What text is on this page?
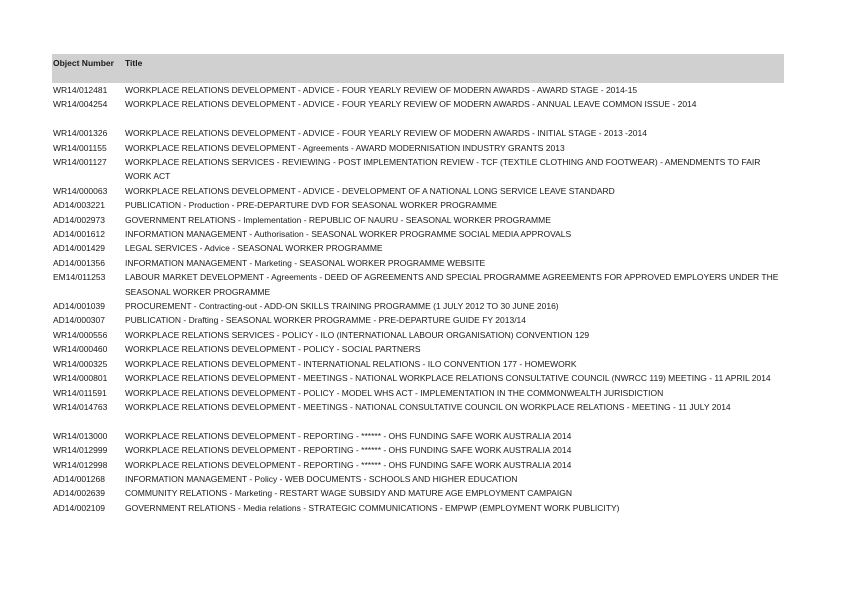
Object Number	Title
WR14/012481 WORKPLACE RELATIONS DEVELOPMENT - ADVICE - FOUR YEARLY REVIEW OF MODERN AWARDS - AWARD STAGE - 2014-15
WR14/004254 WORKPLACE RELATIONS DEVELOPMENT - ADVICE - FOUR YEARLY REVIEW OF MODERN AWARDS - ANNUAL LEAVE COMMON ISSUE - 2014
WR14/001326 WORKPLACE RELATIONS DEVELOPMENT - ADVICE - FOUR YEARLY REVIEW OF MODERN AWARDS - INITIAL STAGE - 2013 -2014
WR14/001155 WORKPLACE RELATIONS DEVELOPMENT - Agreements - AWARD MODERNISATION INDUSTRY GRANTS 2013
WR14/001127 WORKPLACE RELATIONS SERVICES - REVIEWING - POST IMPLEMENTATION REVIEW - TCF (TEXTILE CLOTHING AND FOOTWEAR) - AMENDMENTS TO FAIR WORK ACT
WR14/000063 WORKPLACE RELATIONS DEVELOPMENT - ADVICE - DEVELOPMENT OF A NATIONAL LONG SERVICE LEAVE STANDARD
AD14/003221 PUBLICATION - Production - PRE-DEPARTURE DVD FOR SEASONAL WORKER PROGRAMME
AD14/002973 GOVERNMENT RELATIONS - Implementation - REPUBLIC OF NAURU - SEASONAL WORKER PROGRAMME
AD14/001612 INFORMATION MANAGEMENT - Authorisation - SEASONAL WORKER PROGRAMME SOCIAL MEDIA APPROVALS
AD14/001429 LEGAL SERVICES - Advice - SEASONAL WORKER PROGRAMME
AD14/001356 INFORMATION MANAGEMENT - Marketing - SEASONAL WORKER PROGRAMME WEBSITE
EM14/011253 LABOUR MARKET DEVELOPMENT - Agreements - DEED OF AGREEMENTS AND SPECIAL PROGRAMME AGREEMENTS FOR APPROVED EMPLOYERS UNDER THE SEASONAL WORKER PROGRAMME
AD14/001039 PROCUREMENT - Contracting-out - ADD-ON SKILLS TRAINING PROGRAMME (1 JULY 2012 TO 30 JUNE 2016)
AD14/000307 PUBLICATION - Drafting - SEASONAL WORKER PROGRAMME - PRE-DEPARTURE GUIDE FY 2013/14
WR14/000556 WORKPLACE RELATIONS SERVICES - POLICY - ILO (INTERNATIONAL LABOUR ORGANISATION) CONVENTION 129
WR14/000460 WORKPLACE RELATIONS DEVELOPMENT - POLICY - SOCIAL PARTNERS
WR14/000325 WORKPLACE RELATIONS DEVELOPMENT - INTERNATIONAL RELATIONS - ILO CONVENTION 177 - HOMEWORK
WR14/000801 WORKPLACE RELATIONS DEVELOPMENT - MEETINGS - NATIONAL WORKPLACE RELATIONS CONSULTATIVE COUNCIL (NWRCC 119) MEETING - 11 APRIL 2014
WR14/011591 WORKPLACE RELATIONS DEVELOPMENT - POLICY - MODEL WHS ACT - IMPLEMENTATION IN THE COMMONWEALTH JURISDICTION
WR14/014763 WORKPLACE RELATIONS DEVELOPMENT - MEETINGS - NATIONAL CONSULTATIVE COUNCIL ON WORKPLACE RELATIONS - MEETING - 11 JULY 2014
WR14/013000 WORKPLACE RELATIONS DEVELOPMENT - REPORTING - ****** - OHS FUNDING SAFE WORK AUSTRALIA 2014
WR14/012999 WORKPLACE RELATIONS DEVELOPMENT - REPORTING - ****** - OHS FUNDING SAFE WORK AUSTRALIA 2014
WR14/012998 WORKPLACE RELATIONS DEVELOPMENT - REPORTING - ****** - OHS FUNDING SAFE WORK AUSTRALIA 2014
AD14/001268 INFORMATION MANAGEMENT - Policy - WEB DOCUMENTS - SCHOOLS AND HIGHER EDUCATION
AD14/002639 COMMUNITY RELATIONS - Marketing - RESTART WAGE SUBSIDY AND MATURE AGE EMPLOYMENT CAMPAIGN
AD14/002109 GOVERNMENT RELATIONS - Media relations - STRATEGIC COMMUNICATIONS - EMPWP (EMPLOYMENT WORK PUBLICITY)
